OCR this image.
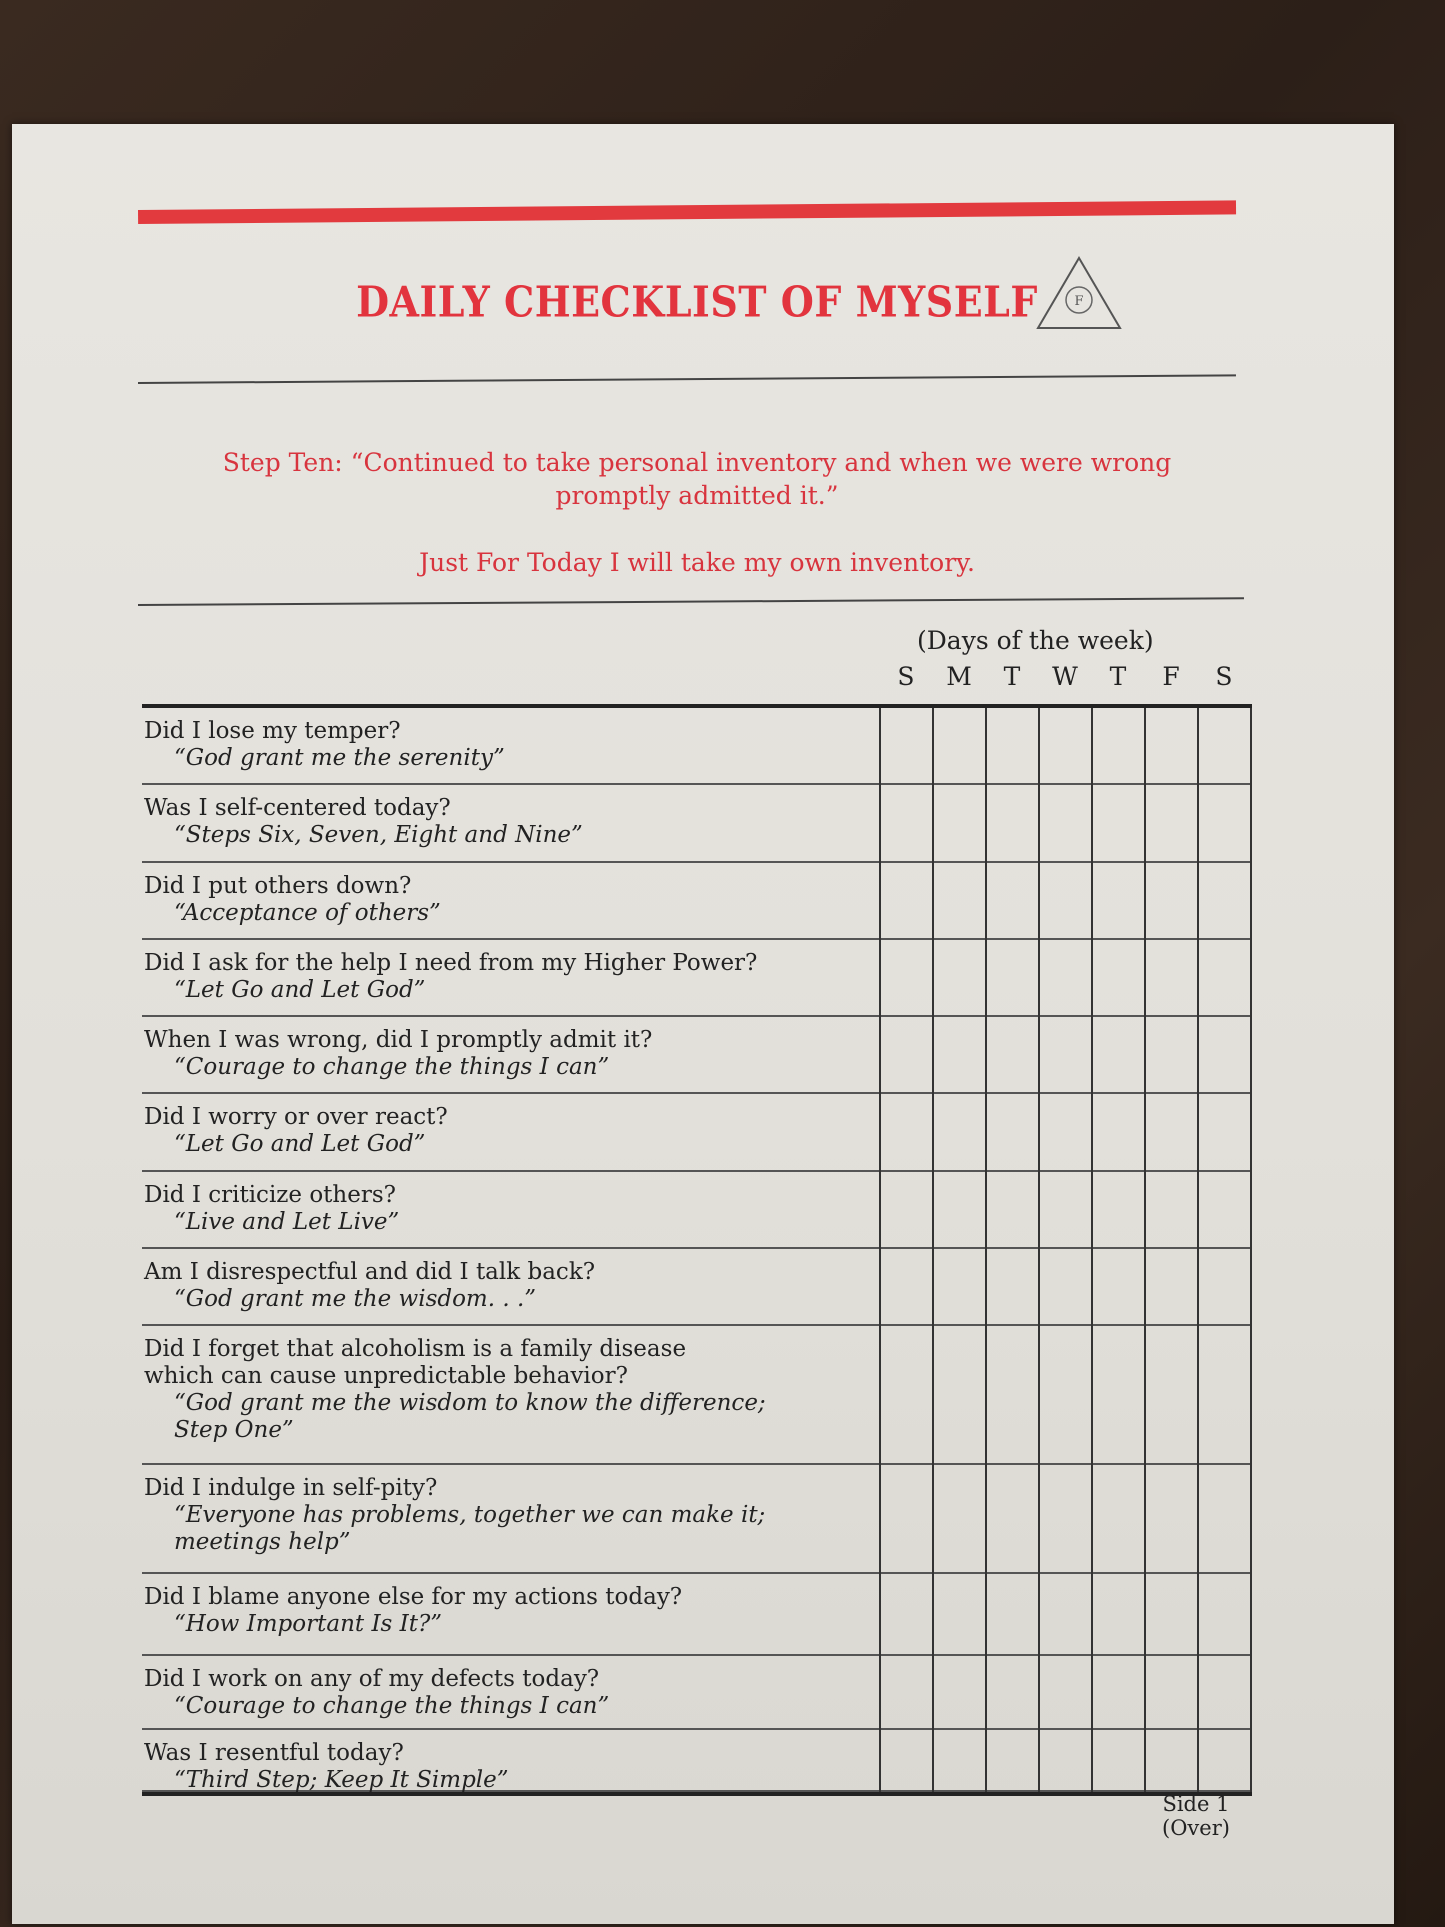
DAILY CHECKLIST OF MYSELF	F
Step Ten: “Continued to take personal inventory and when we were wrong promptly admitted it.”
Just For Today I will take my own inventory.
(Days of the week)
S	M	T	W	T	F	S
Did I lose my temper?
“God grant me the serenity”
Was I self-centered today?
“Steps Six, Seven, Eight and Nine”
Did I put others down?
“Acceptance of others”
Did I ask for the help I need from my Higher Power?
“Let Go and Let God”
When I was wrong, did I promptly admit it?
“Courage to change the things I can”
Did I worry or over react?
“Let Go and Let God”
Did I criticize others?
“Live and Let Live”
Am I disrespectful and did I talk back?
“God grant me the wisdom. . .”
Did I forget that alcoholism is a family disease
which can cause unpredictable behavior?
“God grant me the wisdom to know the difference;
Step One”
Did I indulge in self-pity?
“Everyone has problems, together we can make it;
meetings help”
Did I blame anyone else for my actions today?
“How Important Is It?”
Did I work on any of my defects today?
“Courage to change the things I can”
Was I resentful today?
“Third Step; Keep It Simple”
Side 1
(Over)
